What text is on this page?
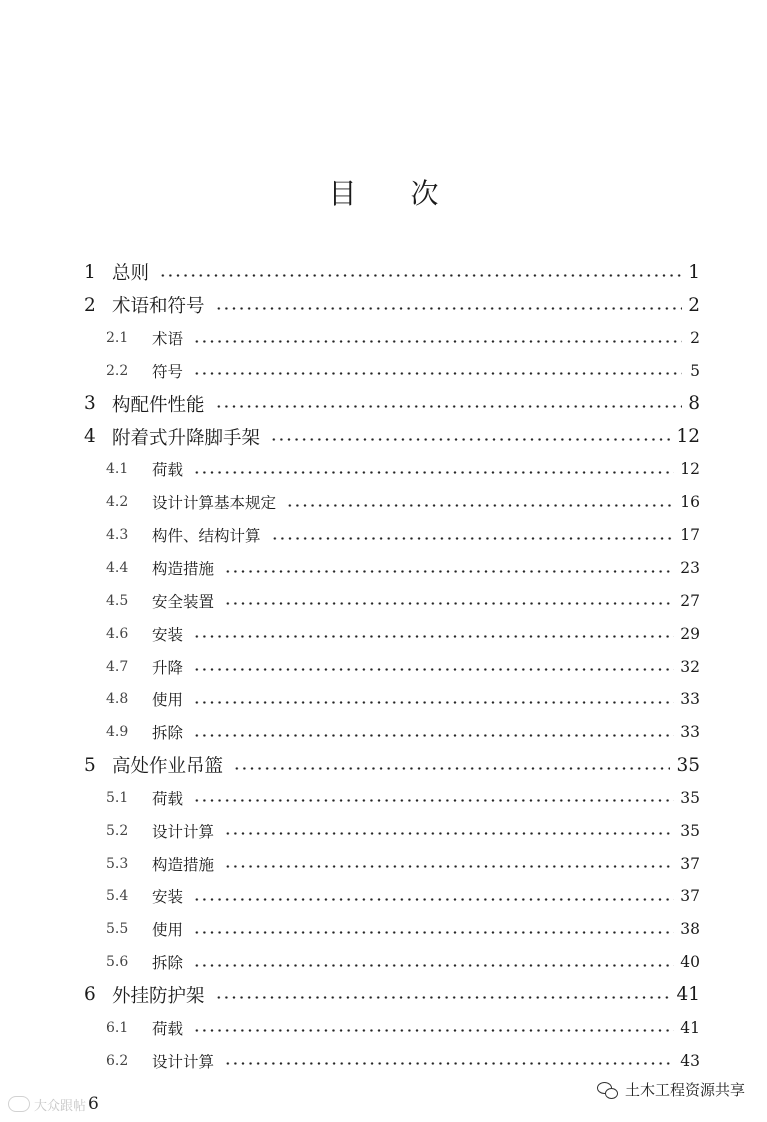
目次
1 总则	1
2 术语和符号	2
2.1	术语	2
2.2	符号	5
3 构配件性能	8
4 附着式升降脚手架	12
4.1	荷载	12
4.2	设计计算基本规定	16
4.3	构件、结构计算	17
4.4	构造措施	23
4.5	安全装置	27
4.6	安装	29
4.7	升降	32
4.8	使用	33
4.9	拆除	33
5 高处作业吊篮	35
5.1	荷载	35
5.2	设计计算	35
5.3	构造措施	37
5.4	安装	37
5.5	使用	38
5.6	拆除	40
6 外挂防护架	41
6.1	荷载	41
6.2	设计计算	43
大众跟帖 6
土木工程资源共享
